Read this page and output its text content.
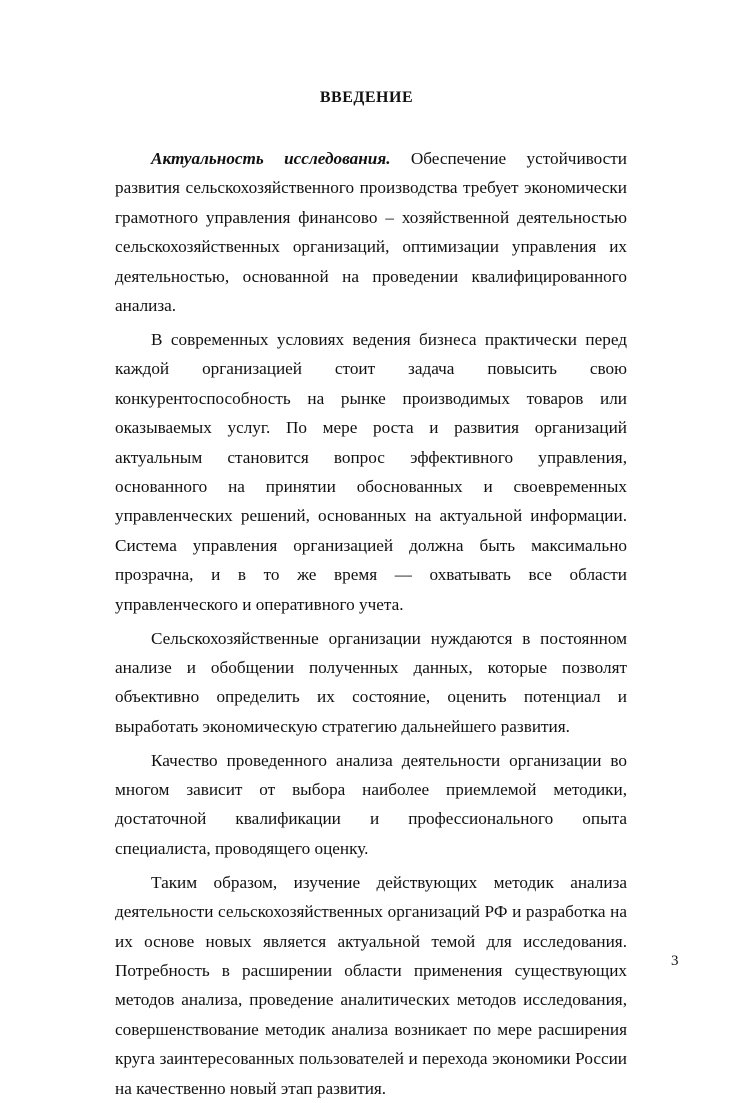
ВВЕДЕНИЕ

Актуальность исследования. Обеспечение устойчивости развития сельскохозяйственного производства требует экономически грамотного управления финансово – хозяйственной деятельностью сельскохозяйственных организаций, оптимизации управления их деятельностью, основанной на проведении квалифицированного анализа.

В современных условиях ведения бизнеса практически перед каждой организацией стоит задача повысить свою конкурентоспособность на рынке производимых товаров или оказываемых услуг. По мере роста и развития организаций актуальным становится вопрос эффективного управления, основанного на принятии обоснованных и своевременных управленческих решений, основанных на актуальной информации. Система управления организацией должна быть максимально прозрачна, и в то же время — охватывать все области управленческого и оперативного учета.

Сельскохозяйственные организации нуждаются в постоянном анализе и обобщении полученных данных, которые позволят объективно определить их состояние, оценить потенциал и выработать экономическую стратегию дальнейшего развития.

Качество проведенного анализа деятельности организации во многом зависит от выбора наиболее приемлемой методики, достаточной квалификации и профессионального опыта специалиста, проводящего оценку.

Таким образом, изучение действующих методик анализа деятельности сельскохозяйственных организаций РФ и разработка на их основе новых является актуальной темой для исследования. Потребность в расширении области применения существующих методов анализа, проведение аналитических методов исследования, совершенствование методик анализа возникает по мере расширения круга заинтересованных пользователей и перехода экономики России на качественно новый этап развития.

3
